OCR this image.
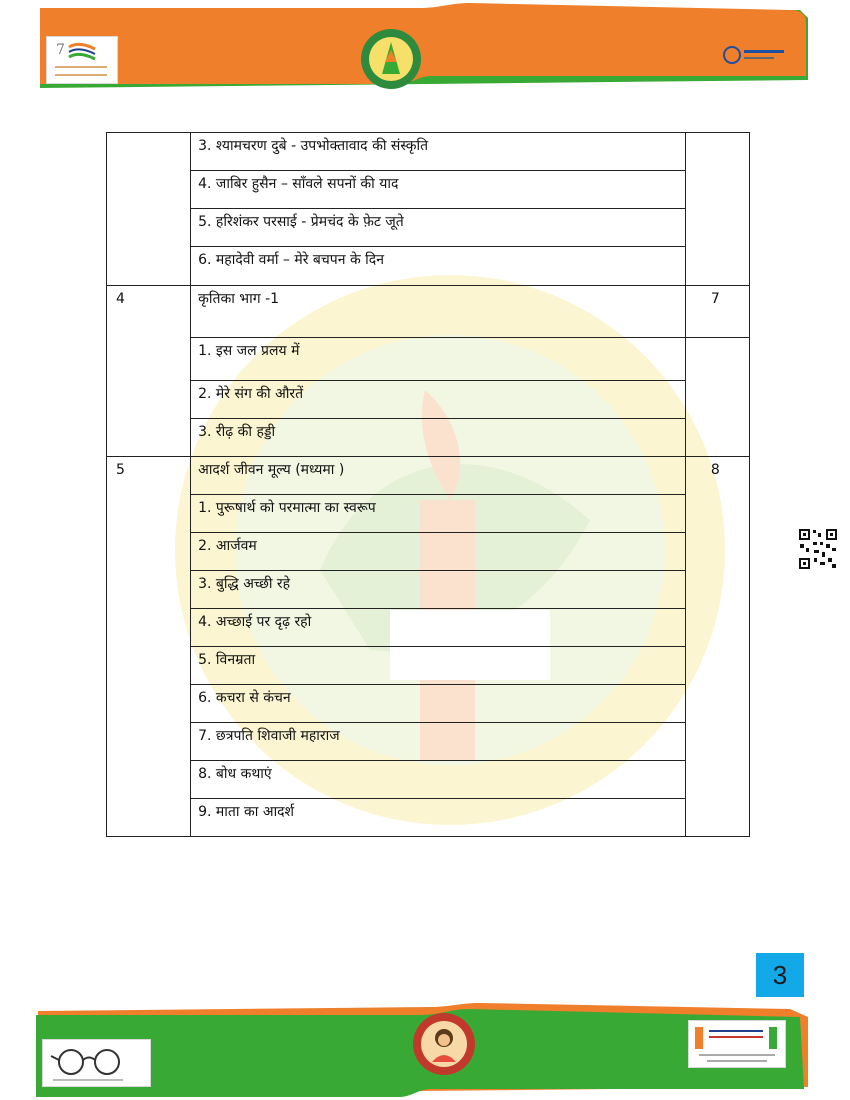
7

	3. श्यामचरण दुबे - उपभोक्तावाद की संस्कृति	

	4. जाबिर हुसैन – साँवले सपनों की याद	

	5. हरिशंकर परसाई - प्रेमचंद के फ़ेट जूते	

	6. महादेवी वर्मा – मेरे बचपन के दिन	

4	कृतिका भाग -1	7

	1. इस जल प्रलय में	

	2. मेरे संग की औरतें	

	3. रीढ़ की हड्डी	

5	आदर्श जीवन मूल्य (मध्यमा )	8

	1. पुरूषार्थ को परमात्मा का स्वरूप	

	2. आर्जवम	

	3. बुद्धि अच्छी रहे	

	4. अच्छाई पर दृढ़ रहो	

	5. विनम्रता	

	6. कचरा से कंचन	

	7. छत्रपति शिवाजी महाराज	

	8. बोध कथाएं	

	9. माता का आदर्श	
3
